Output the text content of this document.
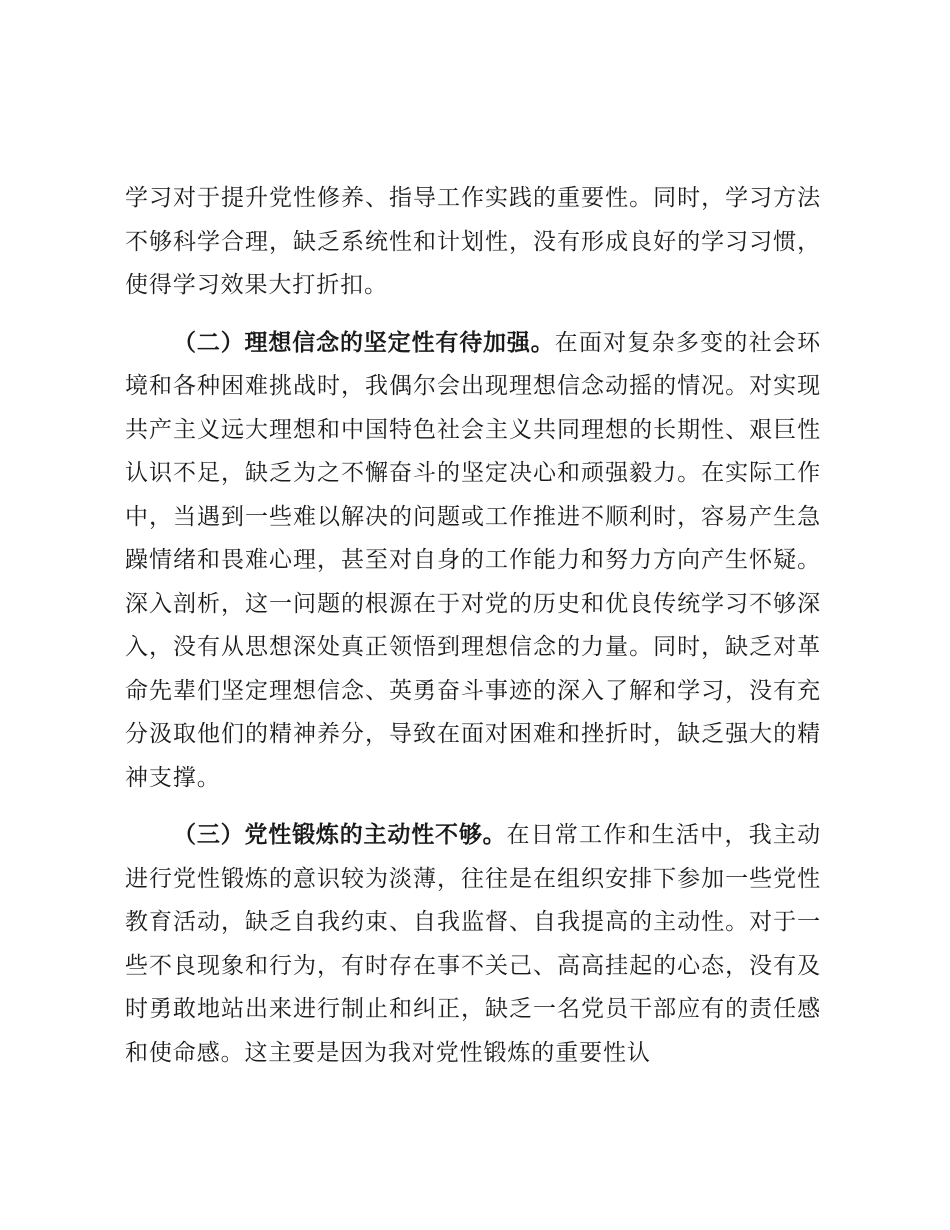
学习对于提升党性修养、指导工作实践的重要性。同时，学习方法不够科学合理，缺乏系统性和计划性，没有形成良好的学习习惯，使得学习效果大打折扣。

（二）理想信念的坚定性有待加强。在面对复杂多变的社会环境和各种困难挑战时，我偶尔会出现理想信念动摇的情况。对实现共产主义远大理想和中国特色社会主义共同理想的长期性、艰巨性认识不足，缺乏为之不懈奋斗的坚定决心和顽强毅力。在实际工作中，当遇到一些难以解决的问题或工作推进不顺利时，容易产生急躁情绪和畏难心理，甚至对自身的工作能力和努力方向产生怀疑。深入剖析，这一问题的根源在于对党的历史和优良传统学习不够深入，没有从思想深处真正领悟到理想信念的力量。同时，缺乏对革命先辈们坚定理想信念、英勇奋斗事迹的深入了解和学习，没有充分汲取他们的精神养分，导致在面对困难和挫折时，缺乏强大的精神支撑。

（三）党性锻炼的主动性不够。在日常工作和生活中，我主动进行党性锻炼的意识较为淡薄，往往是在组织安排下参加一些党性教育活动，缺乏自我约束、自我监督、自我提高的主动性。对于一些不良现象和行为，有时存在事不关己、高高挂起的心态，没有及时勇敢地站出来进行制止和纠正，缺乏一名党员干部应有的责任感和使命感。这主要是因为我对党性锻炼的重要性认
